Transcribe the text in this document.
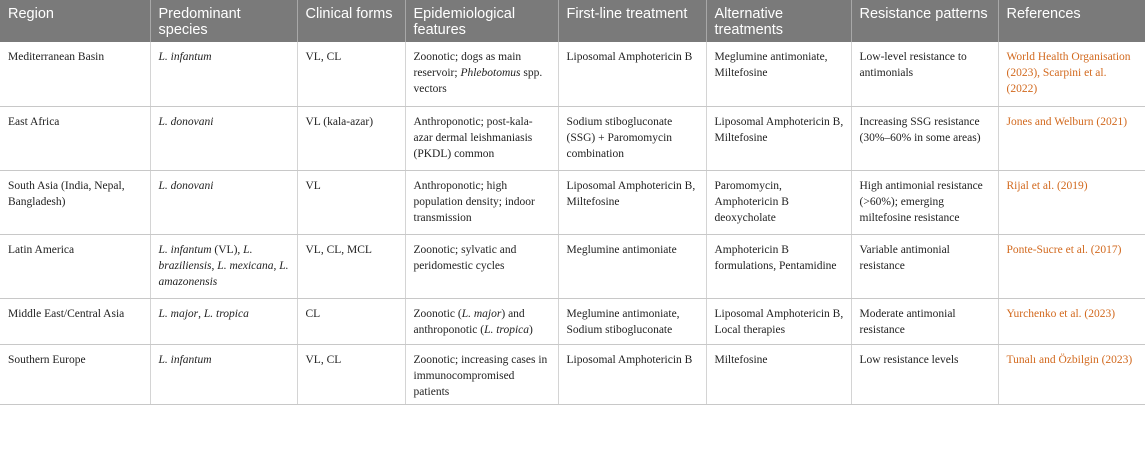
Region	Predominant species	Clinical forms	Epidemiological features	First-line treatment	Alternative treatments	Resistance patterns	References
Mediterranean Basin	L. infantum	VL, CL	Zoonotic; dogs as main reservoir; Phlebotomus spp. vectors	Liposomal Amphotericin B	Meglumine antimoniate, Miltefosine	Low-level resistance to antimonials	World Health Organisation (2023), Scarpini et al. (2022)
East Africa	L. donovani	VL (kala-azar)	Anthroponotic; post-kala-azar dermal leishmaniasis (PKDL) common	Sodium stibogluconate (SSG) + Paromomycin combination	Liposomal Amphotericin B, Miltefosine	Increasing SSG resistance (30%–60% in some areas)	Jones and Welburn (2021)
South Asia (India, Nepal, Bangladesh)	L. donovani	VL	Anthroponotic; high population density; indoor transmission	Liposomal Amphotericin B, Miltefosine	Paromomycin, Amphotericin B deoxycholate	High antimonial resistance (>60%); emerging miltefosine resistance	Rijal et al. (2019)
Latin America	L. infantum (VL), L. braziliensis, L. mexicana, L. amazonensis	VL, CL, MCL	Zoonotic; sylvatic and peridomestic cycles	Meglumine antimoniate	Amphotericin B formulations, Pentamidine	Variable antimonial resistance	Ponte-Sucre et al. (2017)
Middle East/Central Asia	L. major, L. tropica	CL	Zoonotic (L. major) and anthroponotic (L. tropica)	Meglumine antimoniate, Sodium stibogluconate	Liposomal Amphotericin B, Local therapies	Moderate antimonial resistance	Yurchenko et al. (2023)
Southern Europe	L. infantum	VL, CL	Zoonotic; increasing cases in immunocompromised patients	Liposomal Amphotericin B	Miltefosine	Low resistance levels	Tunalı and Özbilgin (2023)
